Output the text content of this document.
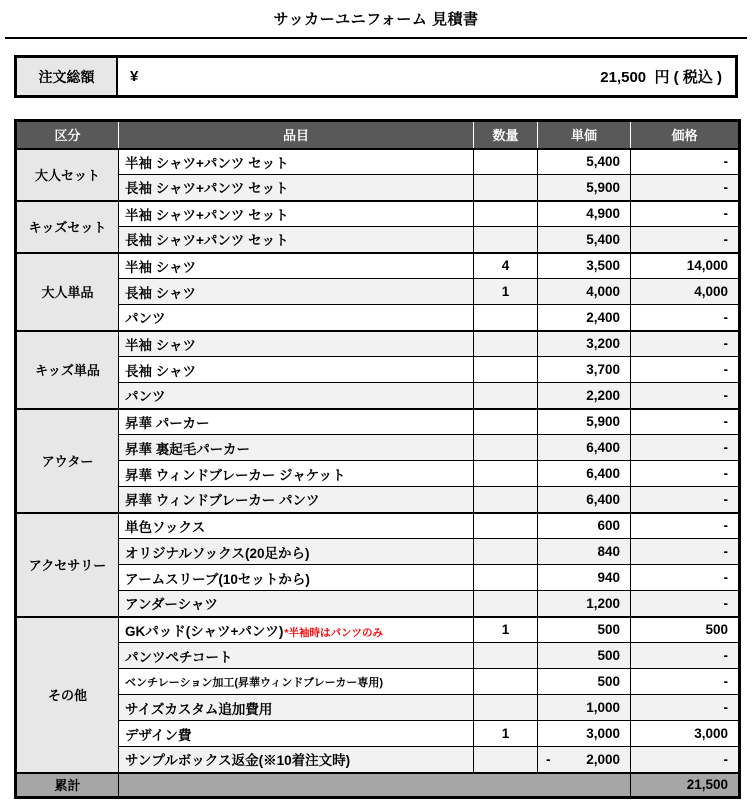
サッカーユニフォーム 見積書
注文総額	¥	21,500 円 ( 税込 )
区分	品目	数量	単価	価格
大人セット	半袖 シャツ+パンツ セット		5,400	-
	長袖 シャツ+パンツ セット		5,900	-
キッズセット	半袖 シャツ+パンツ セット		4,900	-
	長袖 シャツ+パンツ セット		5,400	-
大人単品	半袖 シャツ	4	3,500	14,000
	長袖 シャツ	1	4,000	4,000
	パンツ		2,400	-
キッズ単品	半袖 シャツ		3,200	-
	長袖 シャツ		3,700	-
	パンツ		2,200	-
アウター	昇華 パーカー		5,900	-
	昇華 裏起毛パーカー		6,400	-
	昇華 ウィンドブレーカー ジャケット		6,400	-
	昇華 ウィンドブレーカー パンツ		6,400	-
アクセサリー	単色ソックス		600	-
	オリジナルソックス(20足から)		840	-
	アームスリーブ(10セットから)		940	-
	アンダーシャツ		1,200	-
その他	GKパッド(シャツ+パンツ)*半袖時はパンツのみ	1	500	500
	パンツペチコート		500	-
	ベンチレーション加工(昇華ウィンドブレーカー専用)		500	-
	サイズカスタム追加費用		1,000	-
	デザイン費	1	3,000	3,000
	サンプルボックス返金(※10着注文時)		- 2,000	-
累計				21,500
